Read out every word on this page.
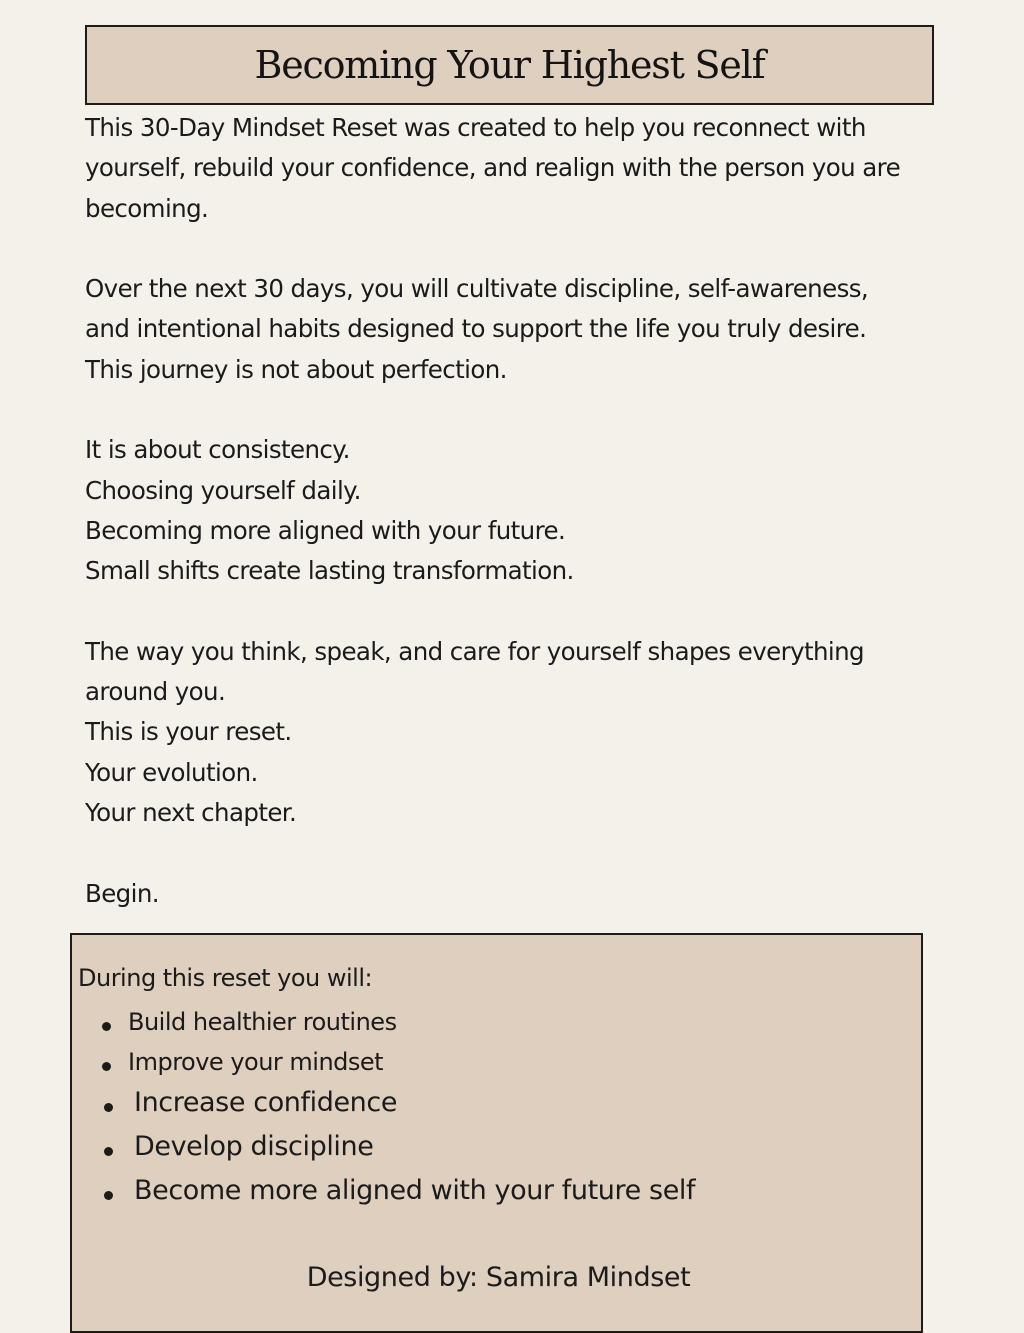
Becoming Your Highest Self
This 30-Day Mindset Reset was created to help you reconnect with
yourself, rebuild your confidence, and realign with the person you are
becoming.
Over the next 30 days, you will cultivate discipline, self-awareness,
and intentional habits designed to support the life you truly desire.
This journey is not about perfection.
It is about consistency.
Choosing yourself daily.
Becoming more aligned with your future.
Small shifts create lasting transformation.
The way you think, speak, and care for yourself shapes everything
around you.
This is your reset.
Your evolution.
Your next chapter.
Begin.
During this reset you will:
Build healthier routines
Improve your mindset
Increase confidence
Develop discipline
Become more aligned with your future self
Designed by: Samira Mindset
